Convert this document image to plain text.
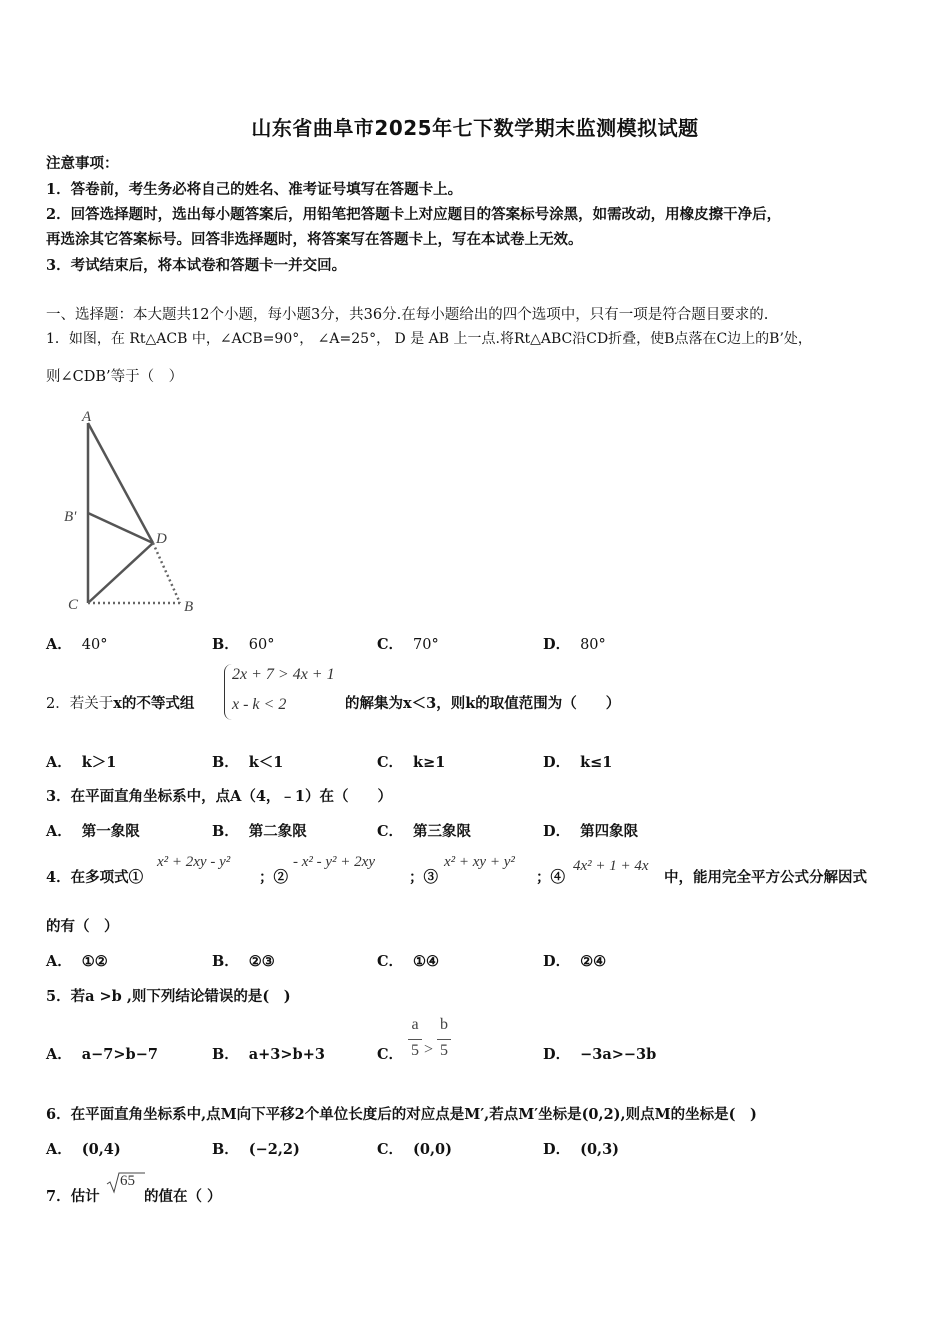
山东省曲阜市2025年七下数学期末监测模拟试题
注意事项：
1．答卷前，考生务必将自己的姓名、准考证号填写在答题卡上。
2．回答选择题时，选出每小题答案后，用铅笔把答题卡上对应题目的答案标号涂黑，如需改动，用橡皮擦干净后，
再选涂其它答案标号。回答非选择题时，将答案写在答题卡上，写在本试卷上无效。
3．考试结束后，将本试卷和答题卡一并交回。
一、选择题：本大题共12个小题，每小题3分，共36分.在每小题给出的四个选项中，只有一项是符合题目要求的.
1．如图，在 Rt△ACB 中，∠ACB=90°， ∠A=25°， D 是 AB 上一点.将Rt△ABC沿CD折叠，使B点落在C边上的B’处，
则∠CDB’等于（　）
A
B'
D
C	B
A． 40°	B． 60°	C． 70°	D． 80°
2．若关于x的不等式组
2x + 7 > 4x + 1
x - k < 2	的解集为x＜3，则k的取值范围为（　　）
A． k＞1	B． k＜1	C． k≥1	D． k≤1
3．在平面直角坐标系中，点A（4，﹣1）在（　　）
A． 第一象限	B． 第二象限	C． 第三象限	D． 第四象限
4．在多项式①
x² + 2xy - y²
；②
- x² - y² + 2xy
；③
x² + xy + y²
；④
4x² + 1 + 4x
中，能用完全平方公式分解因式
的有（　）
A． ①②	B． ②③	C． ①④	D． ②④
5．若a >b ,则下列结论错误的是(　)
A． a−7>b−7	B． a+3>b+3	C．
a
5 >
b
5	D． −3a>−3b
6．在平面直角坐标系中,点M向下平移2个单位长度后的对应点是M′,若点M′坐标是(0,2),则点M的坐标是(　)
A． (0,4)	B． (−2,2)	C． (0,0)	D． (0,3)
7．估计
65
的值在（ ）
